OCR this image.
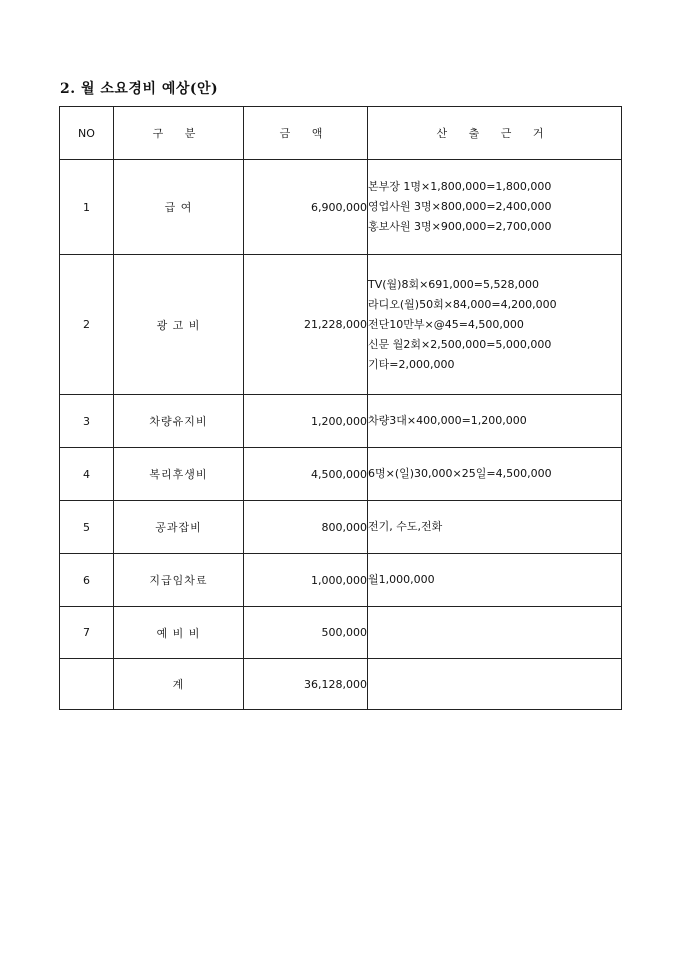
2. 월 소요경비 예상(안)
NO	구 분	금 액	산 출 근 거
1	급 여	6,900,000	본부장 1명×1,800,000=1,800,000
영업사원 3명×800,000=2,400,000
홍보사원 3명×900,000=2,700,000

2	광 고 비	21,228,000	TV(월)8회×691,000=5,528,000
라디오(월)50회×84,000=4,200,000
전단10만부×@45=4,500,000
신문 월2회×2,500,000=5,000,000
기타=2,000,000

3	차량유지비	1,200,000	차량3대×400,000=1,200,000

4	복리후생비	4,500,000	6명×(일)30,000×25일=4,500,000

5	공과잡비	800,000	전기, 수도,전화

6	지급임차료	1,000,000	월1,000,000

7	예 비 비	500,000	
	계	36,128,000	
